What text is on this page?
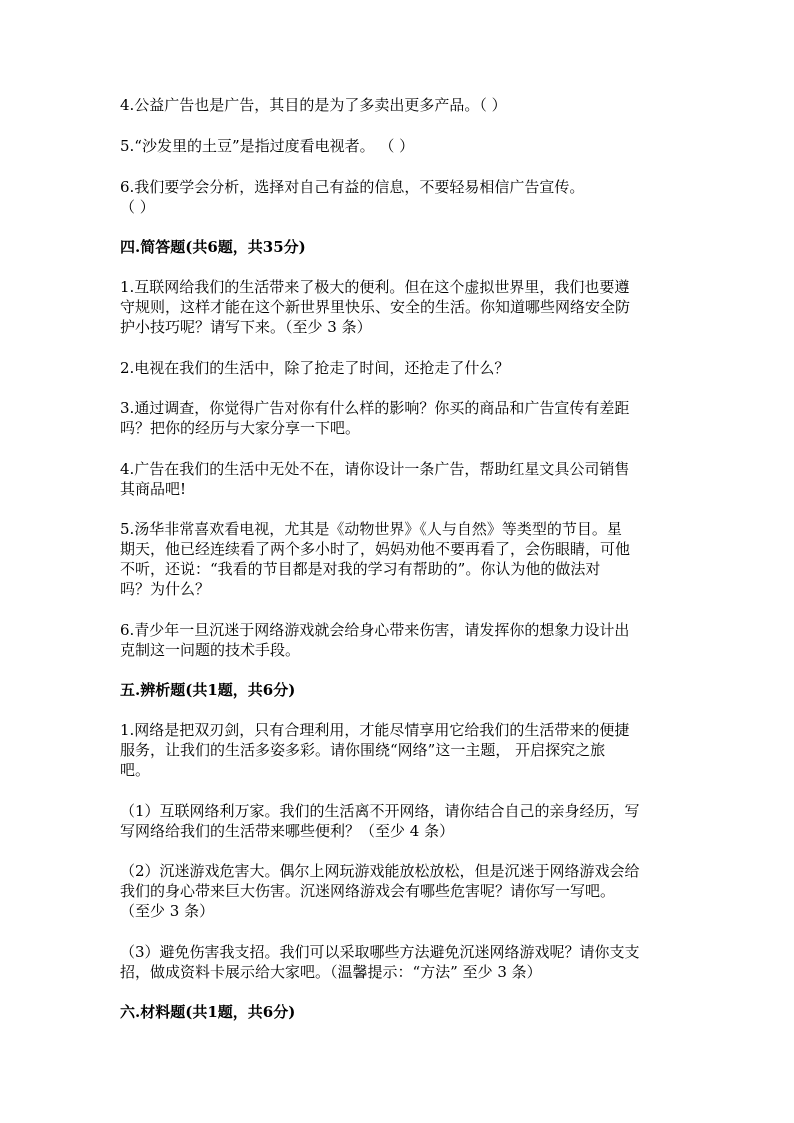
4.公益广告也是广告，其目的是为了多卖出更多产品。（ ）
5.“沙发里的土豆”是指过度看电视者。 （ ）
6.我们要学会分析，选择对自己有益的信息，不要轻易相信广告宣传。
（ ）
四.简答题(共6题，共35分)
1.互联网给我们的生活带来了极大的便利。但在这个虚拟世界里，我们也要遵
守规则，这样才能在这个新世界里快乐、安全的生活。你知道哪些网络安全防
护小技巧呢？请写下来。（至少 3 条）
2.电视在我们的生活中，除了抢走了时间，还抢走了什么？
3.通过调查，你觉得广告对你有什么样的影响？你买的商品和广告宣传有差距
吗？把你的经历与大家分享一下吧。
4.广告在我们的生活中无处不在，请你设计一条广告，帮助红星文具公司销售
其商品吧!
5.汤华非常喜欢看电视，尤其是《动物世界》《人与自然》等类型的节目。星
期天，他已经连续看了两个多小时了，妈妈劝他不要再看了，会伤眼睛，可他
不听，还说：“我看的节目都是对我的学习有帮助的”。你认为他的做法对
吗？为什么？
6.青少年一旦沉迷于网络游戏就会给身心带来伤害，请发挥你的想象力设计出
克制这一问题的技术手段。
五.辨析题(共1题，共6分)
1.网络是把双刃剑，只有合理利用，才能尽情享用它给我们的生活带来的便捷
服务，让我们的生活多姿多彩。请你围绕“网络”这一主题， 开启探究之旅
吧。
（1）互联网络利万家。我们的生活离不开网络，请你结合自己的亲身经历，写
写网络给我们的生活带来哪些便利？（至少 4 条）
（2）沉迷游戏危害大。偶尔上网玩游戏能放松放松，但是沉迷于网络游戏会给
我们的身心带来巨大伤害。沉迷网络游戏会有哪些危害呢？请你写一写吧。
（至少 3 条）
（3）避免伤害我支招。我们可以采取哪些方法避免沉迷网络游戏呢？请你支支
招，做成资料卡展示给大家吧。（温馨提示：“方法” 至少 3 条）
六.材料题(共1题，共6分)
